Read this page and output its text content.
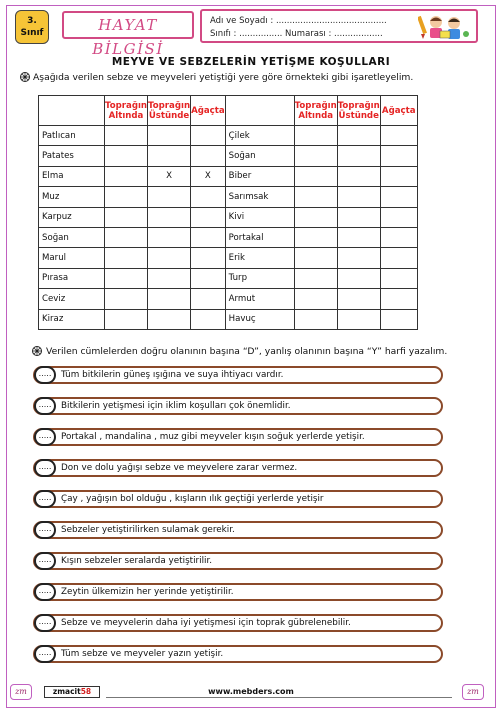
3.
Sınıf	HAYAT BİLGİSİ
Adı ve Soyadı : .........................................
Sınıfı : ................ Numarası : ..................
MEYVE VE SEBZELERİN YETİŞME KOŞULLARI
Aşağıda verilen sebze ve meyveleri yetiştiği yere göre örnekteki gibi işaretleyelim.
	Toprağın Altında	Toprağın Üstünde	Ağaçta		Toprağın Altında	Toprağın Üstünde	Ağaçta
Patlıcan				Çilek			
Patates				Soğan			
Elma		X	X	Biber			
Muz				Sarımsak			
Karpuz				Kivi			
Soğan				Portakal			
Marul				Erik			
Pırasa				Turp			
Ceviz				Armut			
Kiraz				Havuç			
Verilen cümlelerden doğru olanının başına “D”, yanlış olanının başına “Y” harfi yazalım.
.....	Tüm bitkilerin güneş ışığına ve suya ihtiyacı vardır.
.....	Bitkilerin yetişmesi için iklim koşulları çok önemlidir.
.....	Portakal , mandalina , muz gibi meyveler kışın soğuk yerlerde yetişir.
.....	Don ve dolu yağışı sebze ve meyvelere zarar vermez.
.....	Çay , yağışın bol olduğu , kışların ılık geçtiği yerlerde yetişir
.....	Sebzeler yetiştirilirken sulamak gerekir.
.....	Kışın sebzeler seralarda yetiştirilir.
.....	Zeytin ülkemizin her yerinde yetiştirilir.
.....	Sebze ve meyvelerin daha iyi yetişmesi için toprak gübrelenebilir.
.....	Tüm sebze ve meyveler yazın yetişir.
zm	zmacit58	www.mebders.com	zm
